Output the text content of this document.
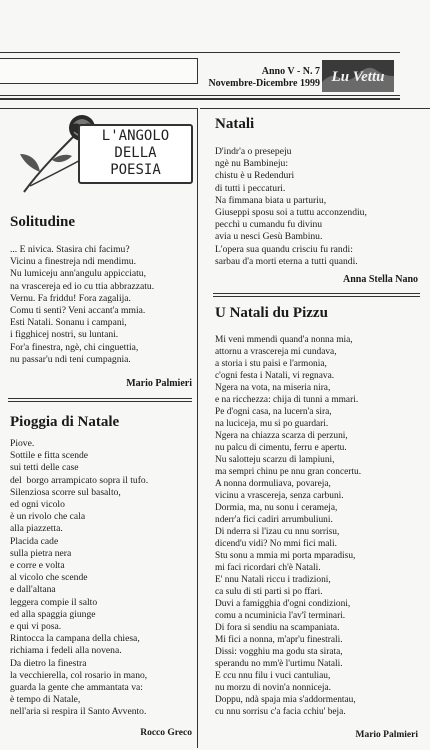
Anno V - N. 7
Novembre-Dicembre 1999 Lu Vettu
L'ANGOLO
DELLA
POESIA
Solitudine
... E nivica. Stasira chi facimu?
Vicinu a finestreja ndi mendimu.
Nu lumiceju ann'angulu appicciatu,
na vrascereja ed io cu ttia abbrazzatu.
Vernu. Fa friddu! Fora zagalija.
Comu ti senti? Veni accant'a mmia.
Esti Natali. Sonanu i campani,
i figghicej nostri, su luntani.
For'a finestra, ngè, chi cinguettia,
nu passar'u ndi teni cumpagnia.
Mario Palmieri
Pioggia di Natale
Piove.
Sottile e fitta scende
sui tetti delle case
del  borgo arrampicato sopra il tufo.
Silenziosa scorre sul basalto,
ed ogni vicolo
è un rivolo che cala
alla piazzetta.
Placida cade
sulla pietra nera
e corre e volta
al vicolo che scende
e dall'altana
leggera compie il salto
ed alla spaggia giunge
e qui vi posa.
Rintocca la campana della chiesa,
richiama i fedeli alla novena.
Da dietro la finestra
la vecchierella, col rosario in mano,
guarda la gente che ammantata va:
è tempo di Natale,
nell'aria si respira il Santo Avvento.
Rocco Greco
Natali
D'indr'a o presepeju
ngè nu Bambineju:
chistu è u Redenduri
di tutti i peccaturi.
Na fimmana biata u parturiu,
Giuseppi sposu soi a tuttu acconzendiu,
pecchì u cumandu fu divinu
avia u nesci Gesù Bambinu.
L'opera sua quandu crisciu fu randi:
sarbau d'a morti eterna a tutti quandi.
Anna Stella Nano
U Natali du Pizzu
Mi veni mmendi quand'a nonna mia,
attornu a vrascereja mi cundava,
a storia i stu paisi e l'armonia,
c'ogni festa i Natali, vi regnava.
Ngera na vota, na miseria nira,
e na ricchezza: chija di tunni a mmari.
Pe d'ogni casa, na lucern'a sira,
na luciceja, mu si po guardari.
Ngera na chiazza scarza di perzuni,
nu palcu di cimentu, ferru e apertu.
Nu salotteju scarzu di lampiuni,
ma sempri chinu pe nnu gran concertu.
A nonna dormuliava, povareja,
vicinu a vrascereja, senza carbuni.
Dormia, ma, nu sonu i cerameja,
nderr'a fici cadiri arrumbuliuni.
Di nderra si l'izau cu nnu sorrisu,
dicend'u vidi? No mmi fici mali.
Stu sonu a mmia mi porta mparadisu,
mi faci ricordari ch'è Natali.
E' nnu Natali riccu i tradizioni,
ca sulu di sti parti si po ffari.
Duvi a famigghia d'ogni condizioni,
comu a ncuminicia l'av'î terminari.
Di fora si sendiu na scampaniata.
Mi fici a nonna, m'apr'u finestrali.
Dissi: vogghiu ma godu sta sirata,
sperandu no mm'è l'urtimu Natali.
E ccu nnu filu i vuci cantuliau,
nu morzu di novin'a nonniceja.
Doppu, ndà spaja mia s'addormentau,
cu nnu sorrisu c'a facia cchiu' beja.
Mario Palmieri
